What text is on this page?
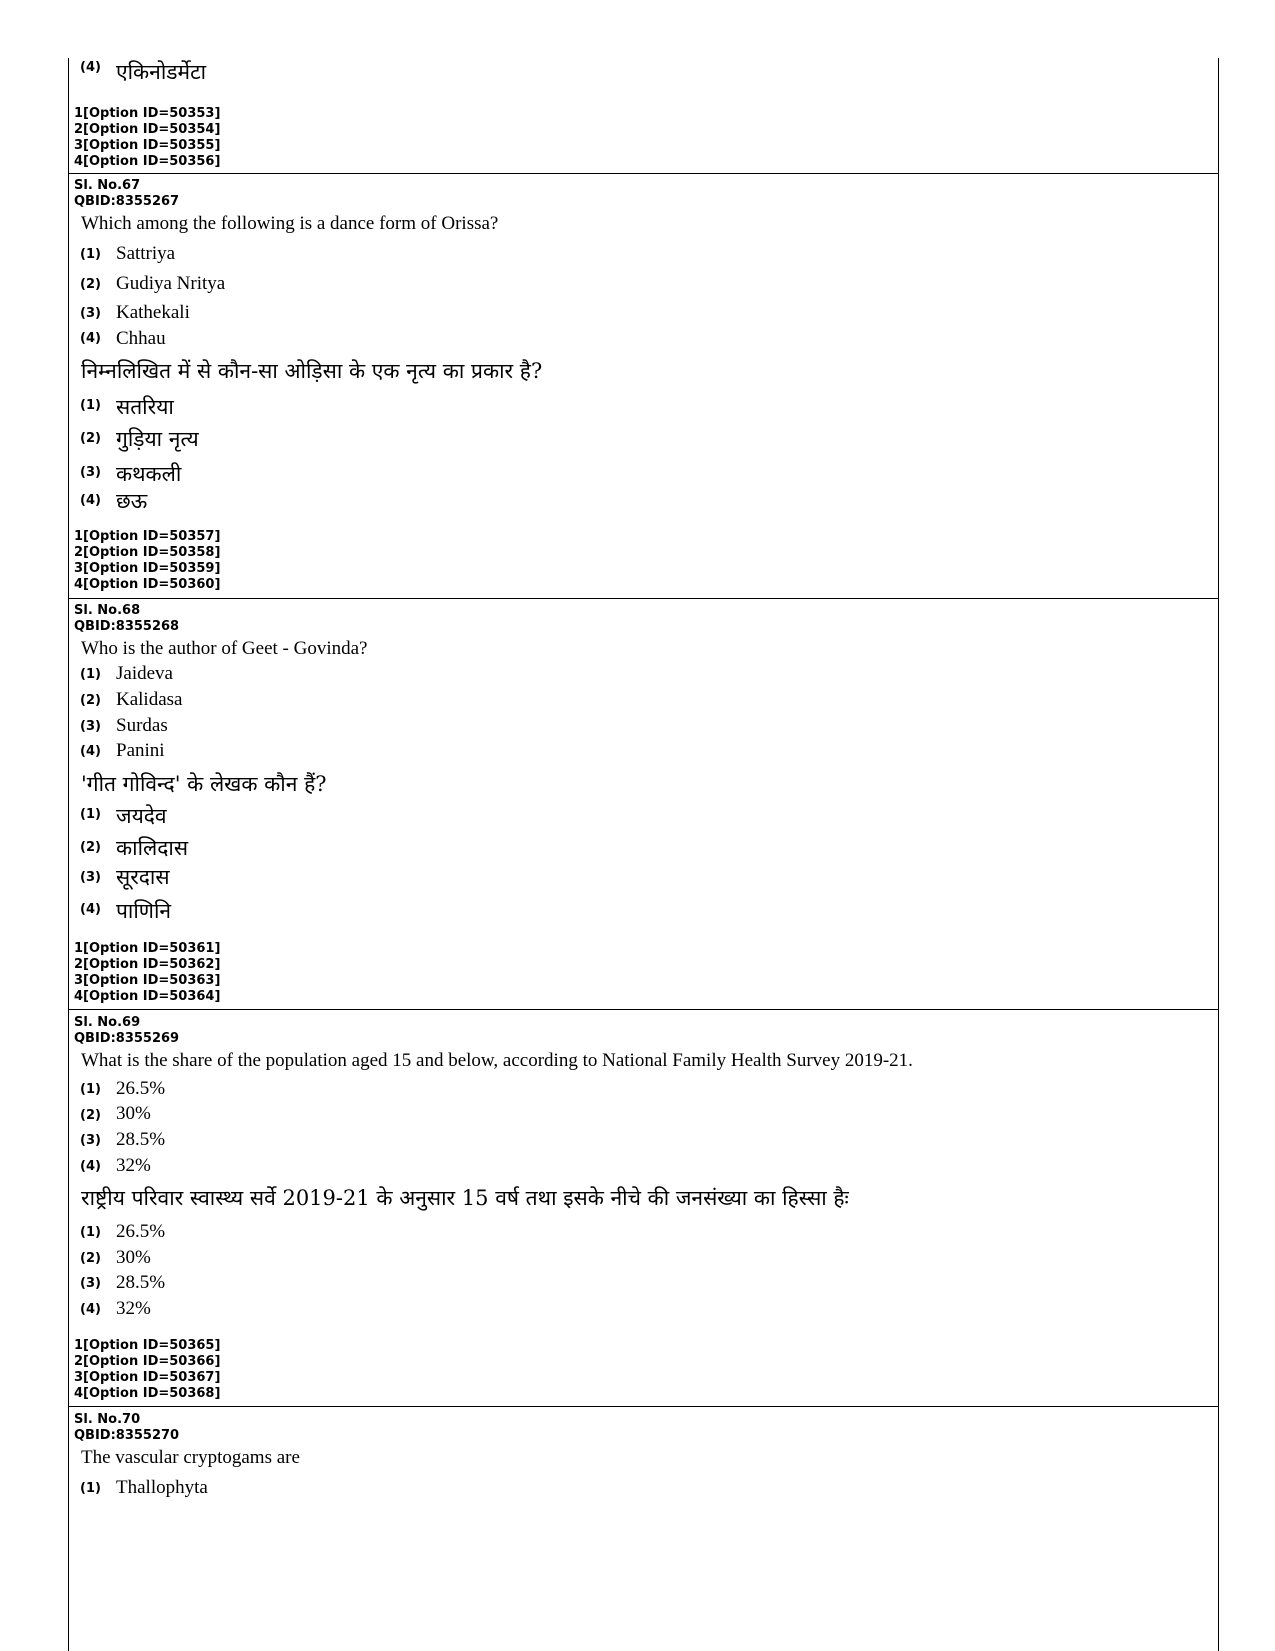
(4) एकिनोडर्मेटा
1[Option ID=50353]
2[Option ID=50354]
3[Option ID=50355]
4[Option ID=50356]
Sl. No.67
QBID:8355267
Which among the following is a dance form of Orissa?
(1) Sattriya
(2) Gudiya Nritya
(3) Kathekali
(4) Chhau
निम्नलिखित में से कौन-सा ओड़िसा के एक नृत्य का प्रकार है?
(1) सतरिया
(2) गुड़िया नृत्य
(3) कथकली
(4) छऊ
1[Option ID=50357]
2[Option ID=50358]
3[Option ID=50359]
4[Option ID=50360]
Sl. No.68
QBID:8355268
Who is the author of Geet - Govinda?
(1) Jaideva
(2) Kalidasa
(3) Surdas
(4) Panini
'गीत गोविन्द' के लेखक कौन हैं?
(1) जयदेव
(2) कालिदास
(3) सूरदास
(4) पाणिनि
1[Option ID=50361]
2[Option ID=50362]
3[Option ID=50363]
4[Option ID=50364]
Sl. No.69
QBID:8355269
What is the share of the population aged 15 and below, according to National Family Health Survey 2019-21.
(1) 26.5%
(2) 30%
(3) 28.5%
(4) 32%
राष्ट्रीय परिवार स्वास्थ्य सर्वे 2019-21 के अनुसार 15 वर्ष तथा इसके नीचे की जनसंख्या का हिस्सा हैः
(1) 26.5%
(2) 30%
(3) 28.5%
(4) 32%
1[Option ID=50365]
2[Option ID=50366]
3[Option ID=50367]
4[Option ID=50368]
Sl. No.70
QBID:8355270
The vascular cryptogams are
(1) Thallophyta
